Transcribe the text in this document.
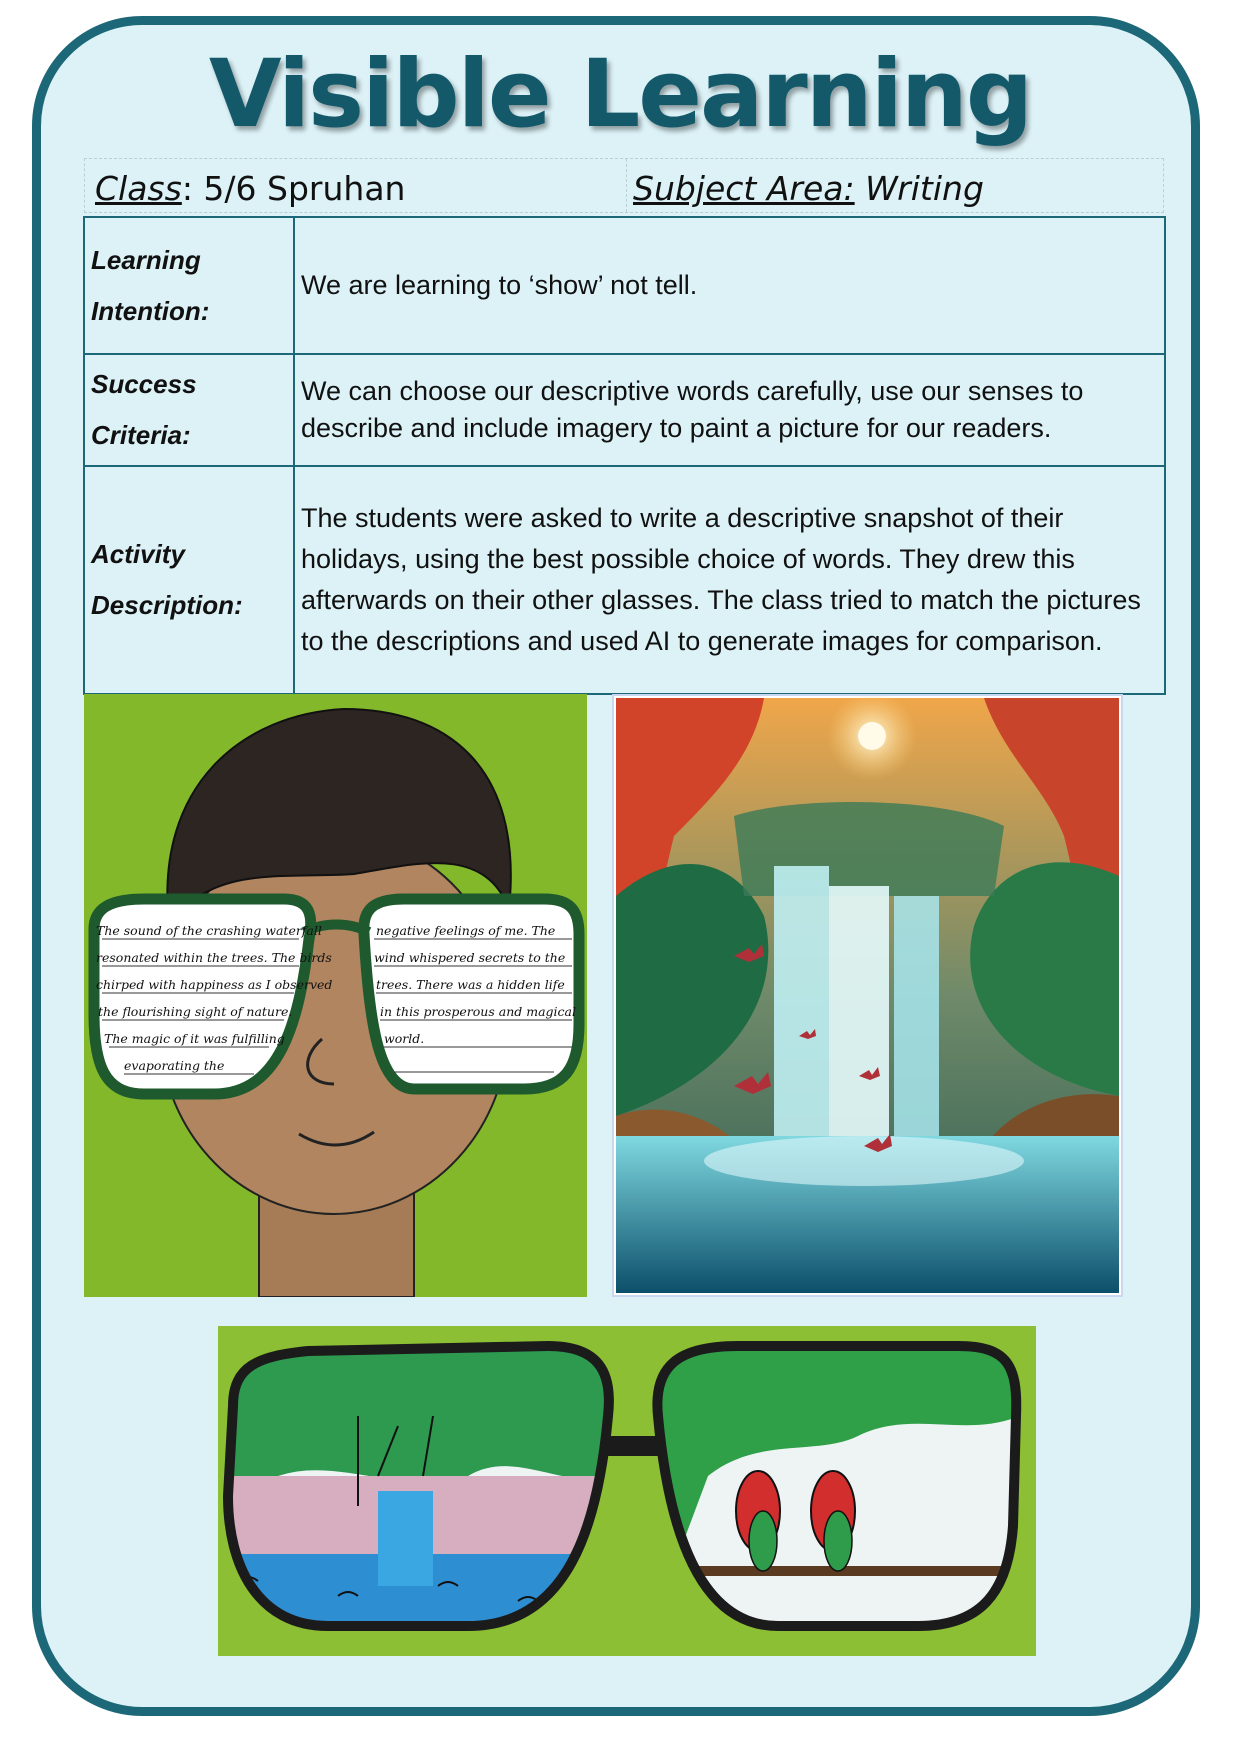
Visible Learning
Class: 5/6 Spruhan	Subject Area: Writing
Learning
Intention:	We are learning to ‘show’ not tell.
Success
Criteria:	We can choose our descriptive words carefully, use our senses to describe and include imagery to paint a picture for our readers.
Activity
Description:	The students were asked to write a descriptive snapshot of their holidays, using the best possible choice of words. They drew this afterwards on their other glasses. The class tried to match the pictures to the descriptions and used AI to generate images for comparison.
The sound of the crashing waterfall
resonated within the trees. The birds
chirped with happiness as I observed
the flourishing sight of nature.
The magic of it was fulfilling
evaporating the
negative feelings of me. The
wind whispered secrets to the
trees. There was a hidden life
in this prosperous and magical
world.
